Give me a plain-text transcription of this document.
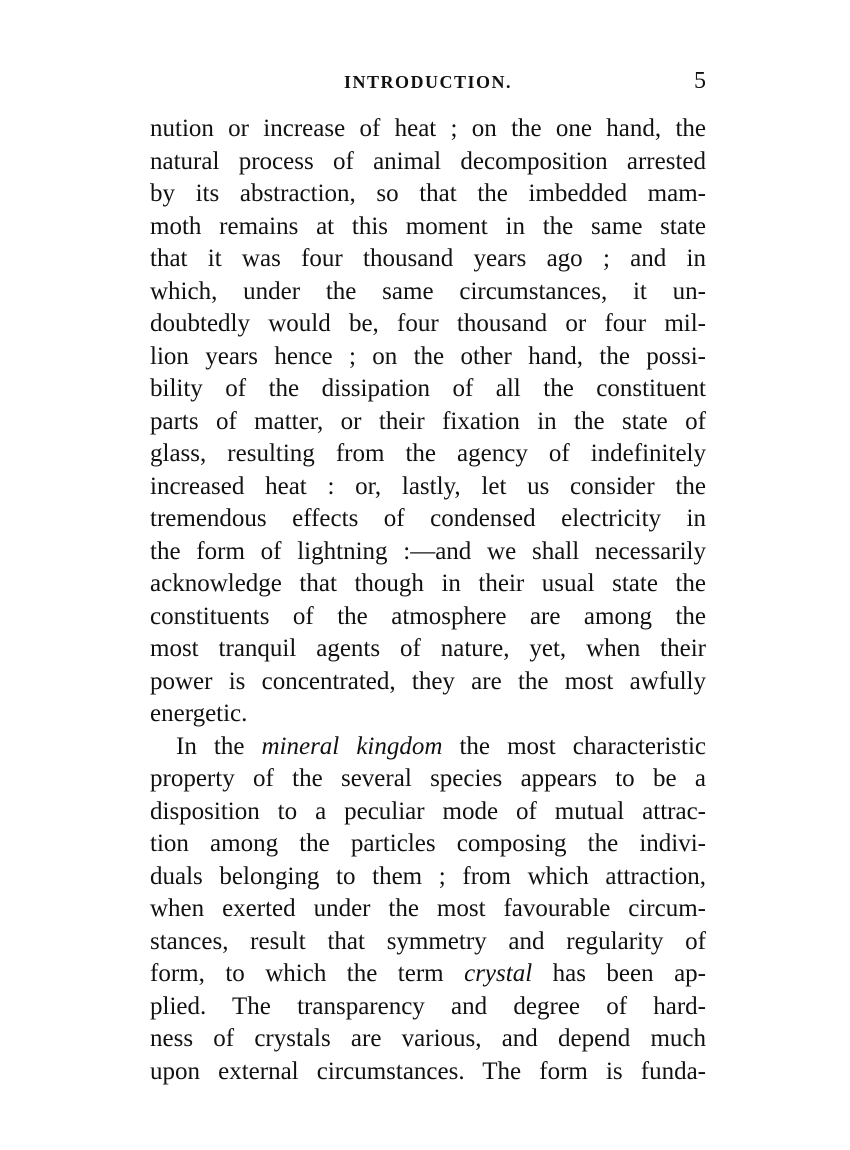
INTRODUCTION.	5
nution or increase of heat ; on the one hand, the
natural process of animal decomposition arrested
by its abstraction, so that the imbedded mam-
moth remains at this moment in the same state
that it was four thousand years ago ; and in
which, under the same circumstances, it un-
doubtedly would be, four thousand or four mil-
lion years hence ; on the other hand, the possi-
bility of the dissipation of all the constituent
parts of matter, or their fixation in the state of
glass, resulting from the agency of indefinitely
increased heat : or, lastly, let us consider the
tremendous effects of condensed electricity in
the form of lightning :—and we shall necessarily
acknowledge that though in their usual state the
constituents of the atmosphere are among the
most tranquil agents of nature, yet, when their
power is concentrated, they are the most awfully
energetic.
In the mineral kingdom the most characteristic
property of the several species appears to be a
disposition to a peculiar mode of mutual attrac-
tion among the particles composing the indivi-
duals belonging to them ; from which attraction,
when exerted under the most favourable circum-
stances, result that symmetry and regularity of
form, to which the term crystal has been ap-
plied. The transparency and degree of hard-
ness of crystals are various, and depend much
upon external circumstances. The form is funda-
